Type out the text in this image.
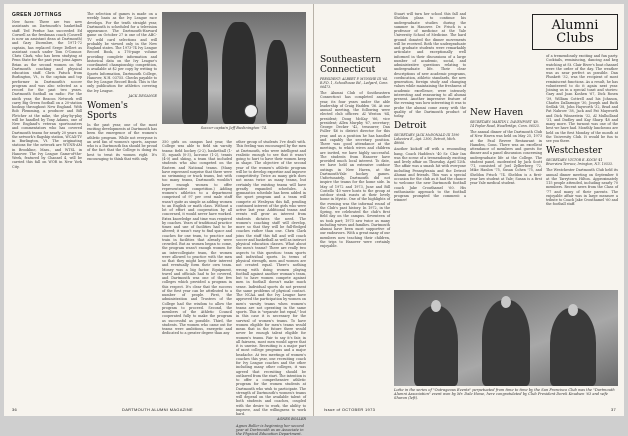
GREEN JOTTINGS
New faces: There are two new assistants on Dartmouth's basketball staff. Ted Perdue has succeeded Ed Coswell as the freshman coach (Coswell is now an assistant dean at Dartmouth) and Gary Dicembre, the 1971-72 captain, has replaced Serge Dellert as assistant coach under Tom O'Connor. Chris Clark, who has been studying at Penn State for the past year, joins Agnes Brian as the second women on the Dartmouth coaching and physical education staff. Chris Patsch from Burlington, Vt., is the captain and top performer in Dartmouth's soccer program and was also selected as a record for the past two years. Dartmouth football on radio: For the ninth year, the Beacon Network will carry Big Green football on a 20-station hookup throughout New England. With Bob Flemming, a producer and Bill Fletcher at the mike, the play-by-play will be handled by Tony Adams, one of New England's veteran sportscasters and commentators who has covered Dartmouth teams for nearly 20 years on the network's flagship station, WCAX-TV in Burlington, Vt. The originating stations for the network are WUNR-AM in Brookline, Mass., and WTSL in Hanover. The Ivy League Game-of-the-Week, featured by Channel 4, will be carried this fall on WOR in New York City.
The selection of games is made on a weekly basis as the Ivy League race develops. For the tenth straight year, Dartmouth is scheduled for a television appearance. The Dartmouth-Harvard game on October 27 is one of the ABC-TV wild card selections and will probably be viewed only in the New England states. The 1973-74 Ivy League Record Book, a 176-page volume providing complete information and historical data on the Ivy League's coordinated championship competition, is available at $2 per copy by writing to Sports Information, Dartmouth College, Hanover, N.H. 03755. Checks payable to the Ivy League Record Book. This is the only publication for athletics covering the Ivy League.
JACK DEGANGE
Women's Sports
In the past year, one of the most exciting developments at Dartmouth has been the emergence of the women's athletic program. While not everyone is an avid fan of women's sports, anyone who is a Dartmouth fan should be proud of the fact that the College is doing its best to treat its women right. It's encouraging to think that with only
Soccer captain Jeff Bushnington '74.
350 girls on campus last year, the College was able to field six varsity teams: field hockey (2-2), basketball (1-5), squash (0-3), lacrosse (1-2), tennis (4-0) and skiing, a team that included students who also competed on the Eastern and National teams. (Many have expressed surprise that there were no swimming or track teams, but with too many teams, Dartmouth wouldn't have enough women to offer representative competition.) Adding women's athletics to a department comprised of 97 per cent male staff wasn't quite as simple as adding women to an English or math class. Without a lot of effort and cooperation by all concerned, it would never have worked. Extra knowledge and time was required by coaches. Years of traditional practice times and use of facilities had to be altered; it wasn't easy to find space and coaches for one team, to practice and train in facilities that already were crowded. But as women began to come, the program wasn't enough women for an intercollegiate team, the women were allowed to practice with the men so that they might keep their interest and eventually form their own team. Money was a big factor. Equipment, travel and officials had to be covered, and Dartmouth was one of the few colleges which provided a program in this respect. It's clear that the success of the first year can be attributed to a number of people. First, the administration and Trustees of the College had the wisdom to allow the program to proceed. Second, the members of the Athletic Council cooperated fully to make the program as successful as possible. Third, the students. The women who came out for teams were ambitious, energetic and dedicated to a greater degree than any
other group of students I've dealt with. This feeling was encouraged by the men at Dartmouth, who were intelligent and realistic enough to see that it wasn't going to hurt to have their women keep in shape. The objective of the second year of the women's athletic program will be to develop expertise and improve competitivity. Twice as many girls does not mean twice as many teams, but certainly the existing teams will have greatly expanded schedules. A gymnastics schedule has been added in the sport program and a team will compete at Wesleyan this fall, pending continued interest of the girls who were active last year. Additional teams and events will grow as interest from students dictates the need. The women's coaching staff will develop, more so that they will be full-fledged coaches rather than one. Chris Clark joins the staff this fall and will coach soccer and basketball as well as instruct physical education classes. What about the men's teams? There are really two aspects to this question: team sports and individual sports. In terms of physical strength, men and women are not created equal. There's nothing wrong with doing women playing football against another woman's team, but to have women compete against men in football doesn't make much sense. Individual sports do not present the same problems of physical contact. The NCAA and the Ivy League have approved the participation by women on men's varsity teams when women's teams are not operating in the same sports. This is "separate but equal," but in this case it is necessary for the survival of women's teams. To have women eligible for men's teams would mean that in the future there would never be enough talent eligible for women's teams. Fair to say it's fair, in all fairness, most men would agree that it is unwise. Recruiting is a major part of most college programs and a major headache. At two meetings of women's coaches this year, one recruiting coach for Ivy League coaches and the other including many other colleges, it was agreed that recruiting should be outlawed from the start. The intention is to offer a comprehensive athletic program for the women students at Dartmouth who wish to participate. The strength of Dartmouth's women's teams will depend on the available talent of both students and coaches, coupled with the desire to work, the ability to improve, and the willingness to work hard.
AGNES BOLLER
Agnes Boller is beginning her second year at Dartmouth as an Associate in the Physical Education Department.
36	DARTMOUTH ALUMNI MAGAZINE
Alumni
Clubs
Southeastern Connecticut
PRESIDENT: ALBERT P. MUNSHE III '64. R.F.D. 1, Schoolhouse Rd., Ledyard, Conn. 06473.
The Alumni Club of Southeastern Connecticut has completed another year, its four years under the able leadership of Craig Hadden '36. At our annual meeting, the following were elected club officers: Al Weston '64, president; Doug McKay '66, vice president; Allen Murphy '67, secretary; George Decker '42, treasurer; Dan Fuller '46 is district director for this year, and as a position he has handled and capably the secretary position. There was good attendance at the meetings, to which wives and children are invited, we have highly successful. The students from Hanover have provided much local interest. To date, we have held an extensive outdoor outings in New Haven, at the Dartmouth-Yale hockey games. Unfortunately, Dartmouth did not inspire the teams for the home side. In May of 1972 and 1973, June and Bill Costello '40 were hosts to the group at outdoor steak roasts at their lovely home in Mystic. One of the highlights of the evening was the informal round of the Club's past history. In 1972, in the Spring, we celebrated the club's first field day on the campus. Seventeen of us took part; 1973 saw twice as many including wives and families. Dartmouth alumni have been most supportive of our endeavors. With a great many of our members now teaching their children, the trips to Hanover were certainly enjoyable.
Stuart will turn her school this fall and Sheldon plans to continue his undergraduate studies during the summer in Hanover. Dr. Frisch is a professor of medicine at the Yale University School of Medicine. The hard ground donated the dinner movements will be received. Both the undergraduate and graduate students were remarkably articulate and exceptionally well informed in their discussions of a large number of academic, social, and administrative questions relating to undergraduate life. Their clear descriptions of new academic programs, coeducation, athletic standards, the new generation, foreign study and changing values while maintaining the freshness of academic excellence, were intensely interesting and reassuring to all alumni present. Another impressive feature of the evening was how interesting it was to probe the alumni come away with the quality of the Dartmouth product of today.
Detroit
SECRETARY: JACK McDONALD III 1590 Lakeview E., Apt. 2300, Detroit, Mich. 48066.
Another kickoff off with a resounding bang. Coach Hadden's '40 Sr. Clair Inn was the scene of a tremendously exciting and lively affair on Thursday, April 12th. The affair was a smash hit with everyone including Pennsylvania and the Detroit Alumni and friends. This was a special occasion for the club as it had the chance to welcome the new Dartmouth football coach Jake Crouthamel '60. His enthusiastic approach to the football program prompted the comment: a winner!
New Haven
SECRETARY: MARTIN I. DAVENPORT '48. 14 Poplar Road, Woodbridge, Conn. 06525.
The annual dinner of the Dartmouth Club of New Haven was held on May 25, 1973 at the Paul Revere Restaurant in Hamden, Conn. There was an excellent attendance of members and guests for dinner and a panel discussion concerning undergraduate life at the College. The student panel, moderated by Jack Scott '71, consisted of Joel Zylberberg '72, Mike Hanlon '75, Susan Cohen '75, and Sheldon Frisch '74. Sheldon is a first-year law student at Yale; Susan is a first year Yale medical student.
of a tremendously exciting and fun party. Cocktails, reminiscing, dancing and keg watching at St. Clair River's boat channel were the order of the day. The weather was as near perfect as possible. Dan Plunkett '32, was the recipient of most reminiscent functions. As a result, he has volunteered to do it again next year. Joining us in a special toast and stories: Gary and Joan Koshen '67, Dick Rosen '39, William Cottrell and his Johnson, Charles Dallarmige '30, Joseph and Ruth Sedlak '38, John Hayworth '32, Brad and Pat Nahrow '38, Jack and Pat Mayworth and Dick Winnestein '32, Al Mulholland '31, and Dudley and Kay Sharp '48 and many more. The turnout was one of the best we have had. Monthly luncheons are held on the first Monday of the month at the University Club. It would be fun to see you there.
Westchester
SECRETARY: VICTOR E. KOCH '41 Riverview Terrace, Irvington, N.Y. 10533.
The Westchester Dartmouth Club held its annual dinner meeting on September 8 at the Tarrytown Hilton. Approximately 115 people attended, including nearly 70 members. Recent news from the Class of '77 and many of their parents. The enjoyable affair was in large measure a tribute to Coach Jake Crouthamel '60 and the football staff.
Lotte in the series of "Outrageous Events" perpetuated from time to time by the San Francisco Club was the "Dartmouth Alumni Association" event won by Mr. Dale Howe, here congratulated by Club President Derek Knudsen '63 and wife Sharon (left).
Issue of OCTOBER 1973	37
